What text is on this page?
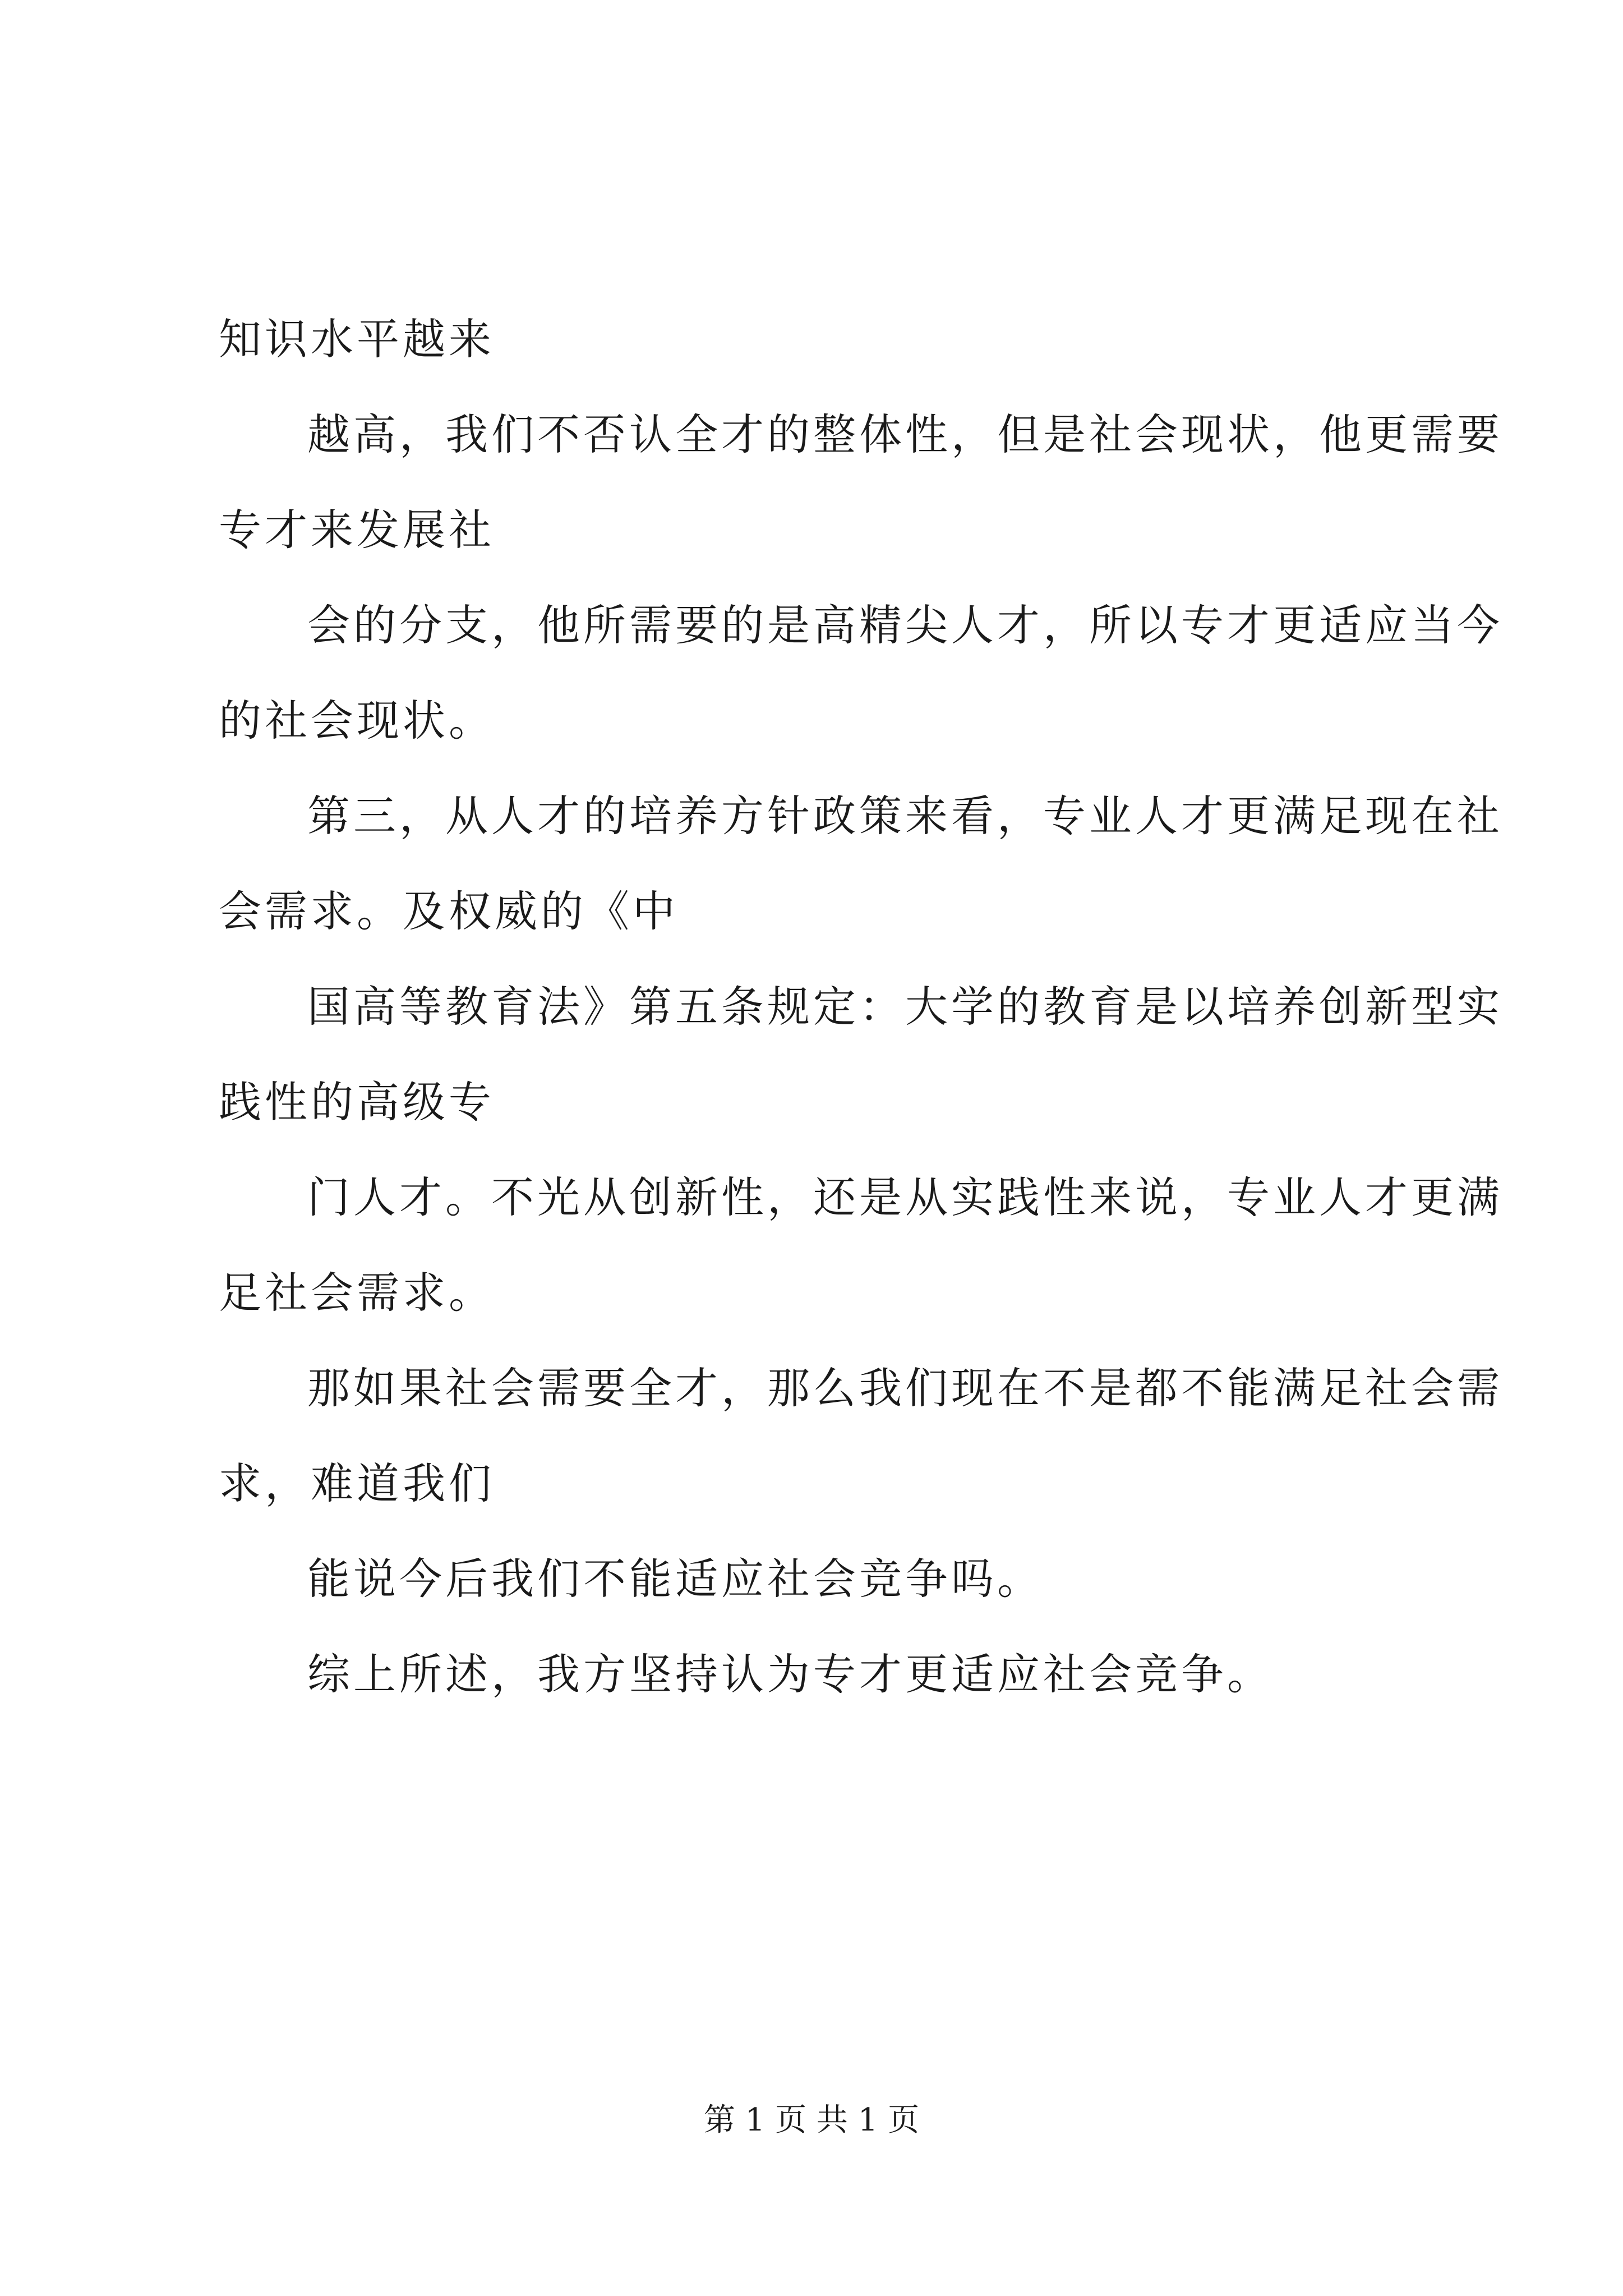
知识水平越来
越高，我们不否认全才的整体性，但是社会现状，他更需要
专才来发展社
会的分支，他所需要的是高精尖人才，所以专才更适应当今
的社会现状。
第三，从人才的培养方针政策来看，专业人才更满足现在社
会需求。及权威的《中
国高等教育法》第五条规定：大学的教育是以培养创新型实
践性的高级专
门人才。不光从创新性，还是从实践性来说，专业人才更满
足社会需求。
那如果社会需要全才，那么我们现在不是都不能满足社会需
求，难道我们
能说今后我们不能适应社会竞争吗。
综上所述，我方坚持认为专才更适应社会竞争。
第 1 页 共 1 页
